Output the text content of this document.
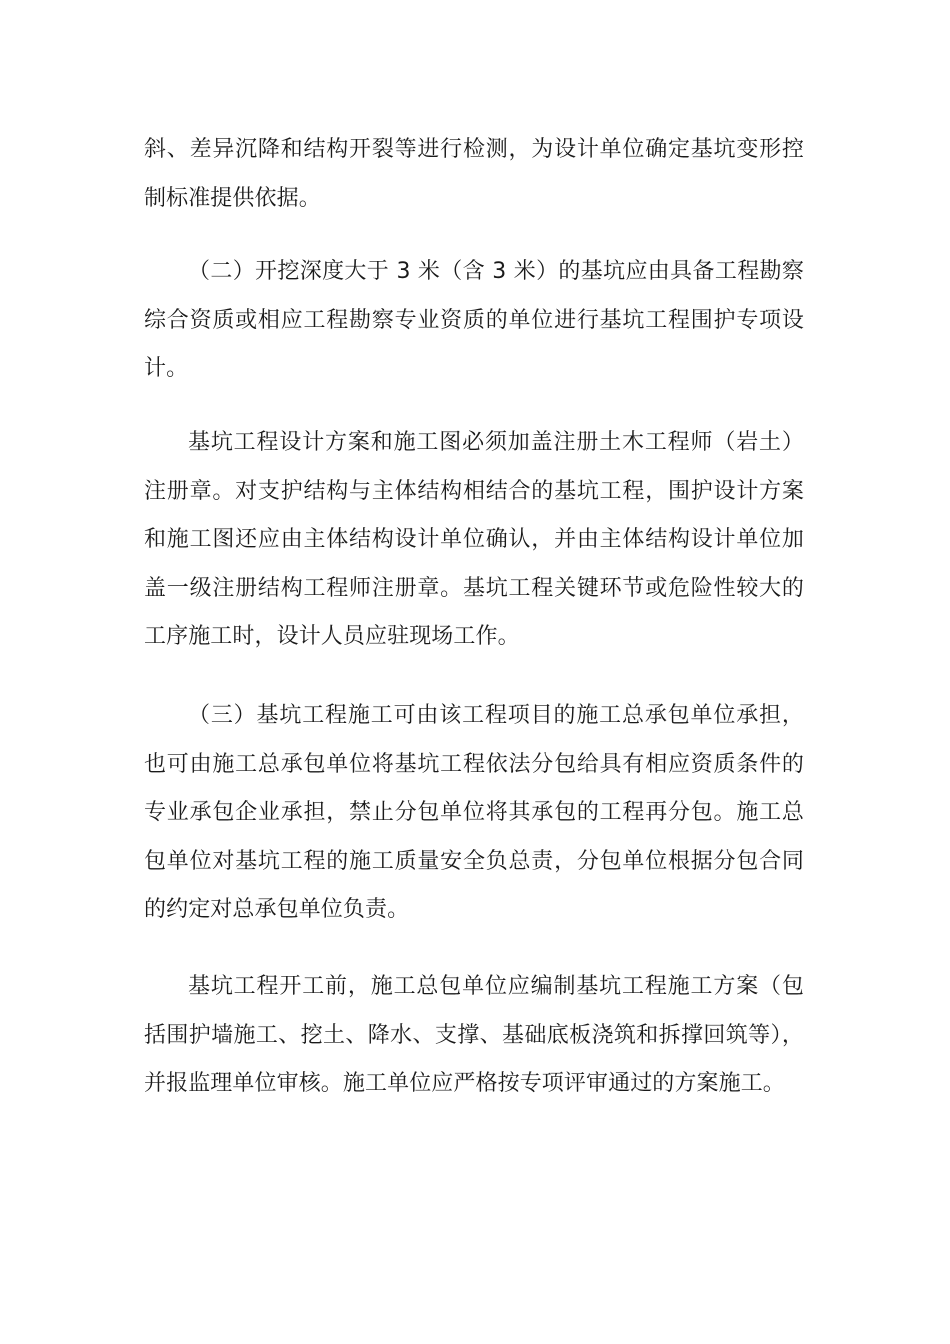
斜、差异沉降和结构开裂等进行检测，为设计单位确定基坑变形控制标准提供依据。

（二）开挖深度大于 3 米（含 3 米）的基坑应由具备工程勘察综合资质或相应工程勘察专业资质的单位进行基坑工程围护专项设计。

基坑工程设计方案和施工图必须加盖注册土木工程师（岩土）注册章。对支护结构与主体结构相结合的基坑工程，围护设计方案和施工图还应由主体结构设计单位确认，并由主体结构设计单位加盖一级注册结构工程师注册章。基坑工程关键环节或危险性较大的工序施工时，设计人员应驻现场工作。

（三）基坑工程施工可由该工程项目的施工总承包单位承担，也可由施工总承包单位将基坑工程依法分包给具有相应资质条件的专业承包企业承担，禁止分包单位将其承包的工程再分包。施工总包单位对基坑工程的施工质量安全负总责，分包单位根据分包合同的约定对总承包单位负责。

基坑工程开工前，施工总包单位应编制基坑工程施工方案（包括围护墙施工、挖土、降水、支撑、基础底板浇筑和拆撑回筑等），并报监理单位审核。施工单位应严格按专项评审通过的方案施工。
